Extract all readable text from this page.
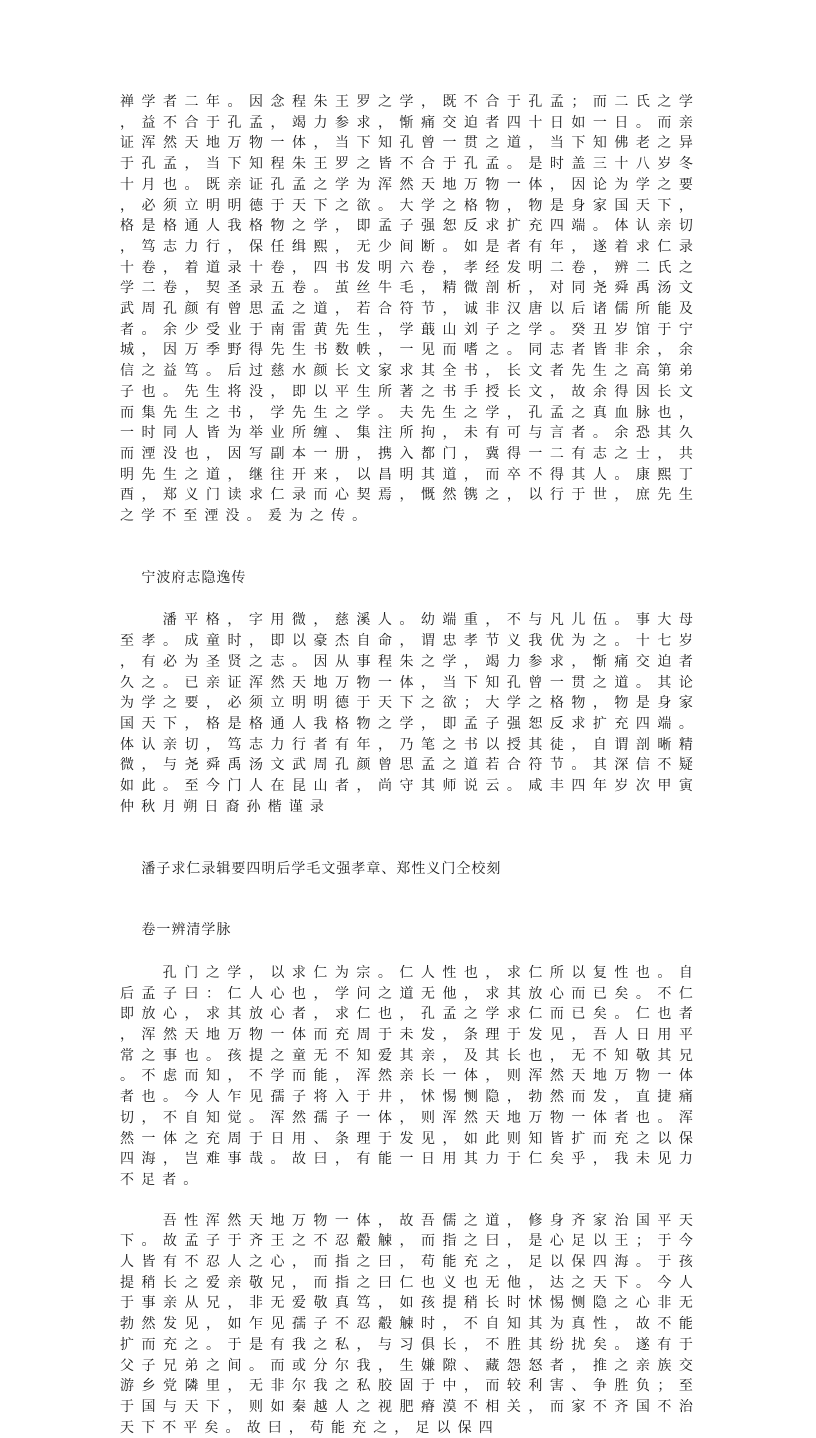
禅学者二年。因念程朱王罗之学，既不合于孔孟；而二氏之学，益不合于孔孟，竭力参求，惭痛交迫者四十日如一日。而亲证浑然天地万物一体，当下知孔曾一贯之道，当下知佛老之异于孔孟，当下知程朱王罗之皆不合于孔孟。是时盖三十八岁冬十月也。既亲证孔孟之学为浑然天地万物一体，因论为学之要，必须立明明德于天下之欲。大学之格物，物是身家国天下，格是格通人我格物之学，即孟子强恕反求扩充四端。体认亲切，笃志力行，保任缉熙，无少间断。如是者有年，遂着求仁录十卷，着道录十卷，四书发明六卷，孝经发明二卷，辨二氏之学二卷，契圣录五卷。茧丝牛毛，精微剖析，对同尧舜禹汤文武周孔颜有曾思孟之道，若合符节，诚非汉唐以后诸儒所能及者。余少受业于南雷黄先生，学蕺山刘子之学。癸丑岁馆于宁城，因万季野得先生书数帙，一见而嗜之。同志者皆非余，余信之益笃。后过慈水颜长文家求其全书，长文者先生之高第弟子也。先生将没，即以平生所著之书手授长文，故余得因长文而集先生之书，学先生之学。夫先生之学，孔孟之真血脉也，一时同人皆为举业所缠、集注所拘，未有可与言者。余恐其久而湮没也，因写副本一册，携入都门，冀得一二有志之士，共明先生之道，继往开来，以昌明其道，而卒不得其人。康熙丁酉，郑义门读求仁录而心契焉，慨然镌之，以行于世，庶先生之学不至湮没。爰为之传。

宁波府志隐逸传

潘平格，字用微，慈溪人。幼端重，不与凡儿伍。事大母至孝。成童时，即以豪杰自命，谓忠孝节义我优为之。十七岁，有必为圣贤之志。因从事程朱之学，竭力参求，惭痛交迫者久之。已亲证浑然天地万物一体，当下知孔曾一贯之道。其论为学之要，必须立明明德于天下之欲；大学之格物，物是身家国天下，格是格通人我格物之学，即孟子强恕反求扩充四端。体认亲切，笃志力行者有年，乃笔之书以授其徒，自谓剖晰精微，与尧舜禹汤文武周孔颜曾思孟之道若合符节。其深信不疑如此。至今门人在昆山者，尚守其师说云。咸丰四年岁次甲寅仲秋月朔日裔孙楷谨录

潘子求仁录辑要四明后学毛文强孝章、郑性义门仝校刻

卷一辨清学脉

孔门之学，以求仁为宗。仁人性也，求仁所以复性也。自后孟子曰：仁人心也，学问之道无他，求其放心而已矣。不仁即放心，求其放心者，求仁也，孔孟之学求仁而已矣。仁也者，浑然天地万物一体而充周于未发，条理于发见，吾人日用平常之事也。孩提之童无不知爱其亲，及其长也，无不知敬其兄。不虑而知，不学而能，浑然亲长一体，则浑然天地万物一体者也。今人乍见孺子将入于井，怵惕恻隐，勃然而发，直捷痛切，不自知觉。浑然孺子一体，则浑然天地万物一体者也。浑然一体之充周于日用、条理于发见，如此则知皆扩而充之以保四海，岂难事哉。故曰，有能一日用其力于仁矣乎，我未见力不足者。

吾性浑然天地万物一体，故吾儒之道，修身齐家治国平天下。故孟子于齐王之不忍觳觫，而指之曰，是心足以王；于今人皆有不忍人之心，而指之曰，苟能充之，足以保四海。于孩提稍长之爱亲敬兄，而指之曰仁也义也无他，达之天下。今人于事亲从兄，非无爱敬真笃，如孩提稍长时怵惕恻隐之心非无勃然发见，如乍见孺子不忍觳觫时，不自知其为真性，故不能扩而充之。于是有我之私，与习俱长，不胜其纷扰矣。遂有于父子兄弟之间。而或分尔我，生嫌隙、藏怨怒者，推之亲族交游乡党隣里，无非尔我之私胶固于中，而较利害、争胜负；至于国与天下，则如秦越人之视肥瘠漠不相关，而家不齐国不治天下不平矣。故曰，苟能充之，足以保四
